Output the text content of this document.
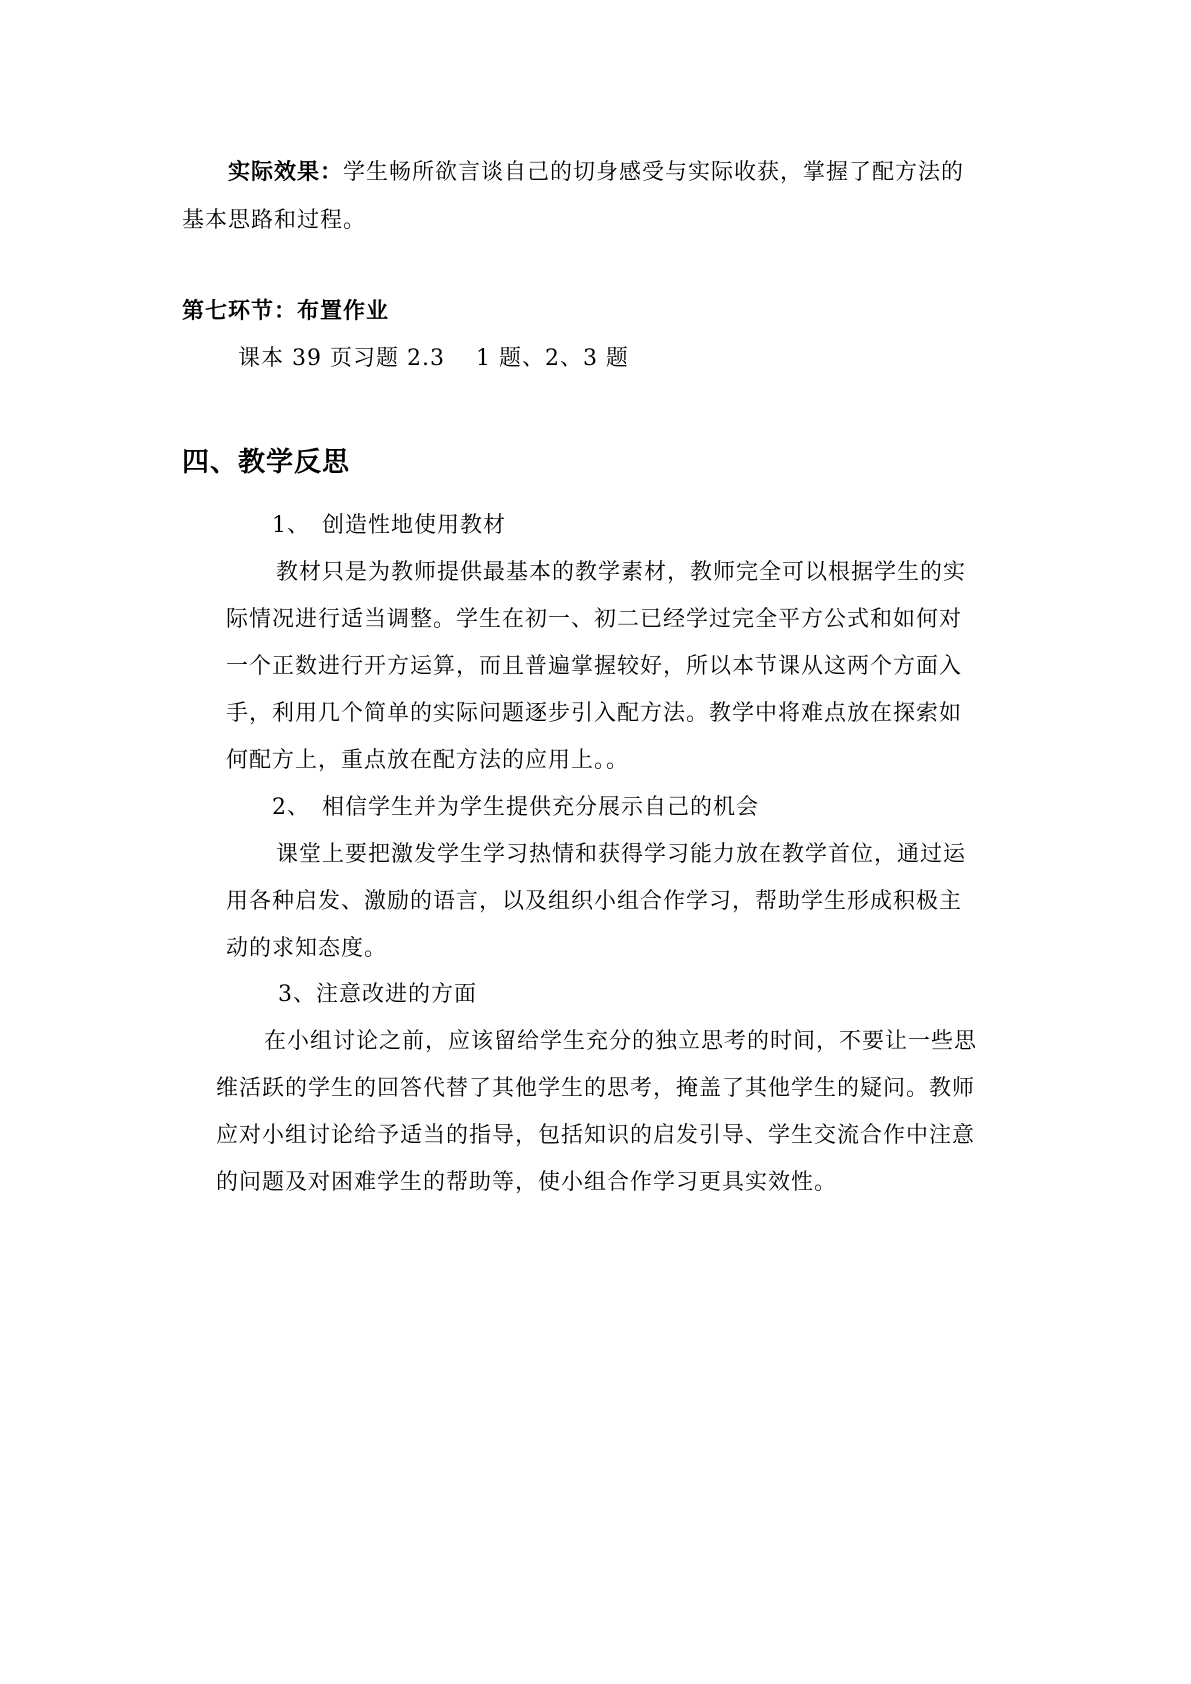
实际效果：学生畅所欲言谈自己的切身感受与实际收获，掌握了配方法的
基本思路和过程。
第七环节：布置作业
课本 39 页习题 2.3　 1 题、2、3 题
四、教学反思
1、　创造性地使用教材
教材只是为教师提供最基本的教学素材，教师完全可以根据学生的实
际情况进行适当调整。学生在初一、初二已经学过完全平方公式和如何对
一个正数进行开方运算，而且普遍掌握较好，所以本节课从这两个方面入
手，利用几个简单的实际问题逐步引入配方法。教学中将难点放在探索如
何配方上，重点放在配方法的应用上。。
2、　相信学生并为学生提供充分展示自己的机会
课堂上要把激发学生学习热情和获得学习能力放在教学首位，通过运
用各种启发、激励的语言，以及组织小组合作学习，帮助学生形成积极主
动的求知态度。
3、注意改进的方面
在小组讨论之前，应该留给学生充分的独立思考的时间，不要让一些思
维活跃的学生的回答代替了其他学生的思考，掩盖了其他学生的疑问。教师
应对小组讨论给予适当的指导，包括知识的启发引导、学生交流合作中注意
的问题及对困难学生的帮助等，使小组合作学习更具实效性。
